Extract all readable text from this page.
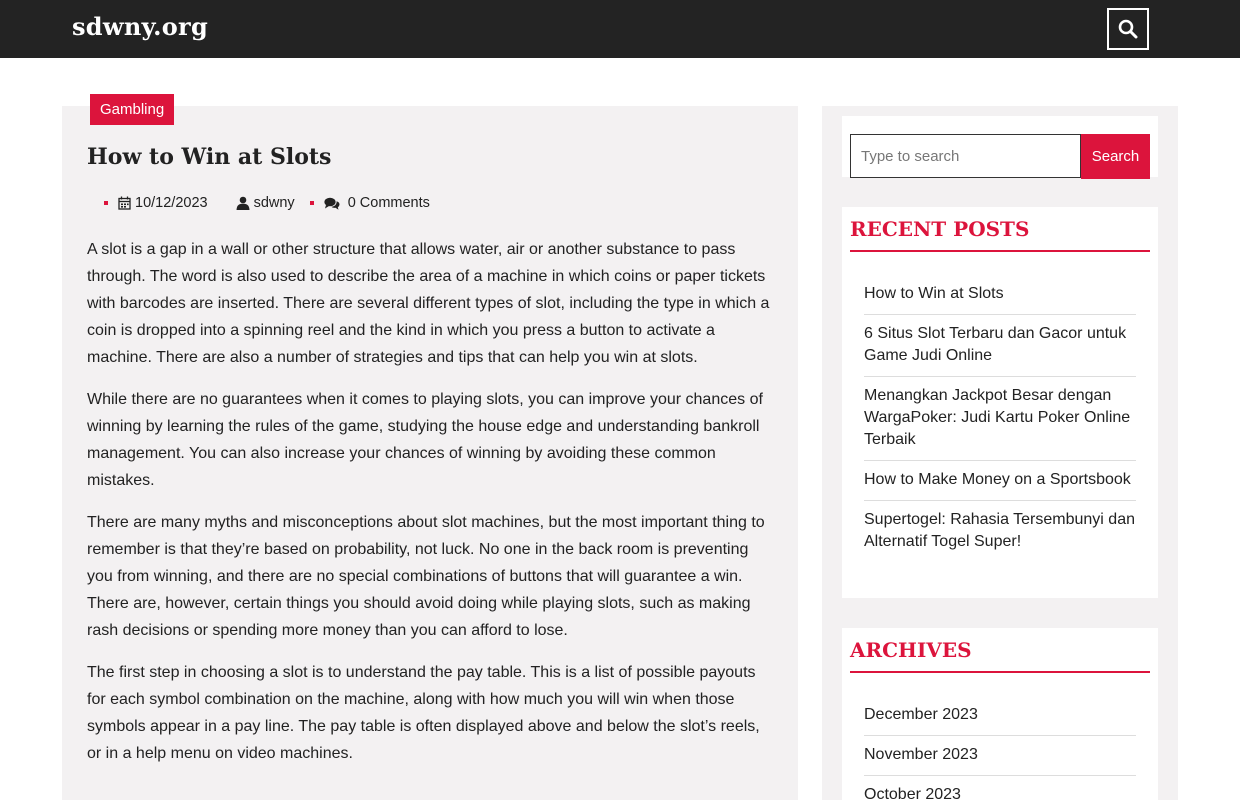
sdwny.org
Gambling
How to Win at Slots
10/12/2023	sdwny	0 Comments

A slot is a gap in a wall or other structure that allows water, air or another substance to pass through. The word is also used to describe the area of a machine in which coins or paper tickets with barcodes are inserted. There are several different types of slot, including the type in which a coin is dropped into a spinning reel and the kind in which you press a button to activate a machine. There are also a number of strategies and tips that can help you win at slots.

While there are no guarantees when it comes to playing slots, you can improve your chances of winning by learning the rules of the game, studying the house edge and understanding bankroll management. You can also increase your chances of winning by avoiding these common mistakes.

There are many myths and misconceptions about slot machines, but the most important thing to remember is that they’re based on probability, not luck. No one in the back room is preventing you from winning, and there are no special combinations of buttons that will guarantee a win. There are, however, certain things you should avoid doing while playing slots, such as making rash decisions or spending more money than you can afford to lose.

The first step in choosing a slot is to understand the pay table. This is a list of possible payouts for each symbol combination on the machine, along with how much you will win when those symbols appear in a pay line. The pay table is often displayed above and below the slot’s reels, or in a help menu on video machines.

Type to search
Search
RECENT POSTS
How to Win at Slots
6 Situs Slot Terbaru dan Gacor untuk Game Judi Online
Menangkan Jackpot Besar dengan WargaPoker: Judi Kartu Poker Online Terbaik
How to Make Money on a Sportsbook
Supertogel: Rahasia Tersembunyi dan Alternatif Togel Super!
ARCHIVES
December 2023
November 2023
October 2023
